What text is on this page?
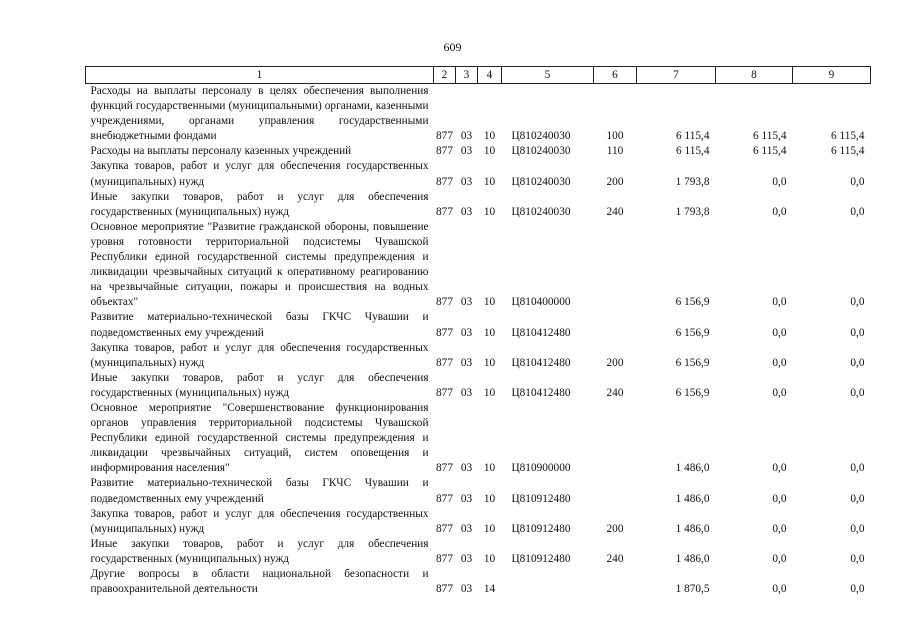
609
1	2	3	4	5	6	7	8	9
Расходы на выплаты персоналу в целях обеспечения выполнения функций государственными (муниципальными) органами, казенными учреждениями, органами управления государственными внебюджетными фондами	877	03	10	Ц810240030	100	6 115,4	6 115,4	6 115,4
Расходы на выплаты персоналу казенных учреждений	877	03	10	Ц810240030	110	6 115,4	6 115,4	6 115,4
Закупка товаров, работ и услуг для обеспечения государственных (муниципальных) нужд	877	03	10	Ц810240030	200	1 793,8	0,0	0,0
Иные закупки товаров, работ и услуг для обеспечения государственных (муниципальных) нужд	877	03	10	Ц810240030	240	1 793,8	0,0	0,0
Основное мероприятие "Развитие гражданской обороны, повышение уровня готовности территориальной подсистемы Чувашской Республики единой государственной системы предупреждения и ликвидации чрезвычайных ситуаций к оперативному реагированию на чрезвычайные ситуации, пожары и происшествия на водных объектах"	877	03	10	Ц810400000		6 156,9	0,0	0,0
Развитие материально-технической базы ГКЧС Чувашии и подведомственных ему учреждений	877	03	10	Ц810412480		6 156,9	0,0	0,0
Закупка товаров, работ и услуг для обеспечения государственных (муниципальных) нужд	877	03	10	Ц810412480	200	6 156,9	0,0	0,0
Иные закупки товаров, работ и услуг для обеспечения государственных (муниципальных) нужд	877	03	10	Ц810412480	240	6 156,9	0,0	0,0
Основное мероприятие "Совершенствование функционирования органов управления территориальной подсистемы Чувашской Республики единой государственной системы предупреждения и ликвидации чрезвычайных ситуаций, систем оповещения и информирования населения"	877	03	10	Ц810900000		1 486,0	0,0	0,0
Развитие материально-технической базы ГКЧС Чувашии и подведомственных ему учреждений	877	03	10	Ц810912480		1 486,0	0,0	0,0
Закупка товаров, работ и услуг для обеспечения государственных (муниципальных) нужд	877	03	10	Ц810912480	200	1 486,0	0,0	0,0
Иные закупки товаров, работ и услуг для обеспечения государственных (муниципальных) нужд	877	03	10	Ц810912480	240	1 486,0	0,0	0,0
Другие вопросы в области национальной безопасности и правоохранительной деятельности	877	03	14			1 870,5	0,0	0,0
